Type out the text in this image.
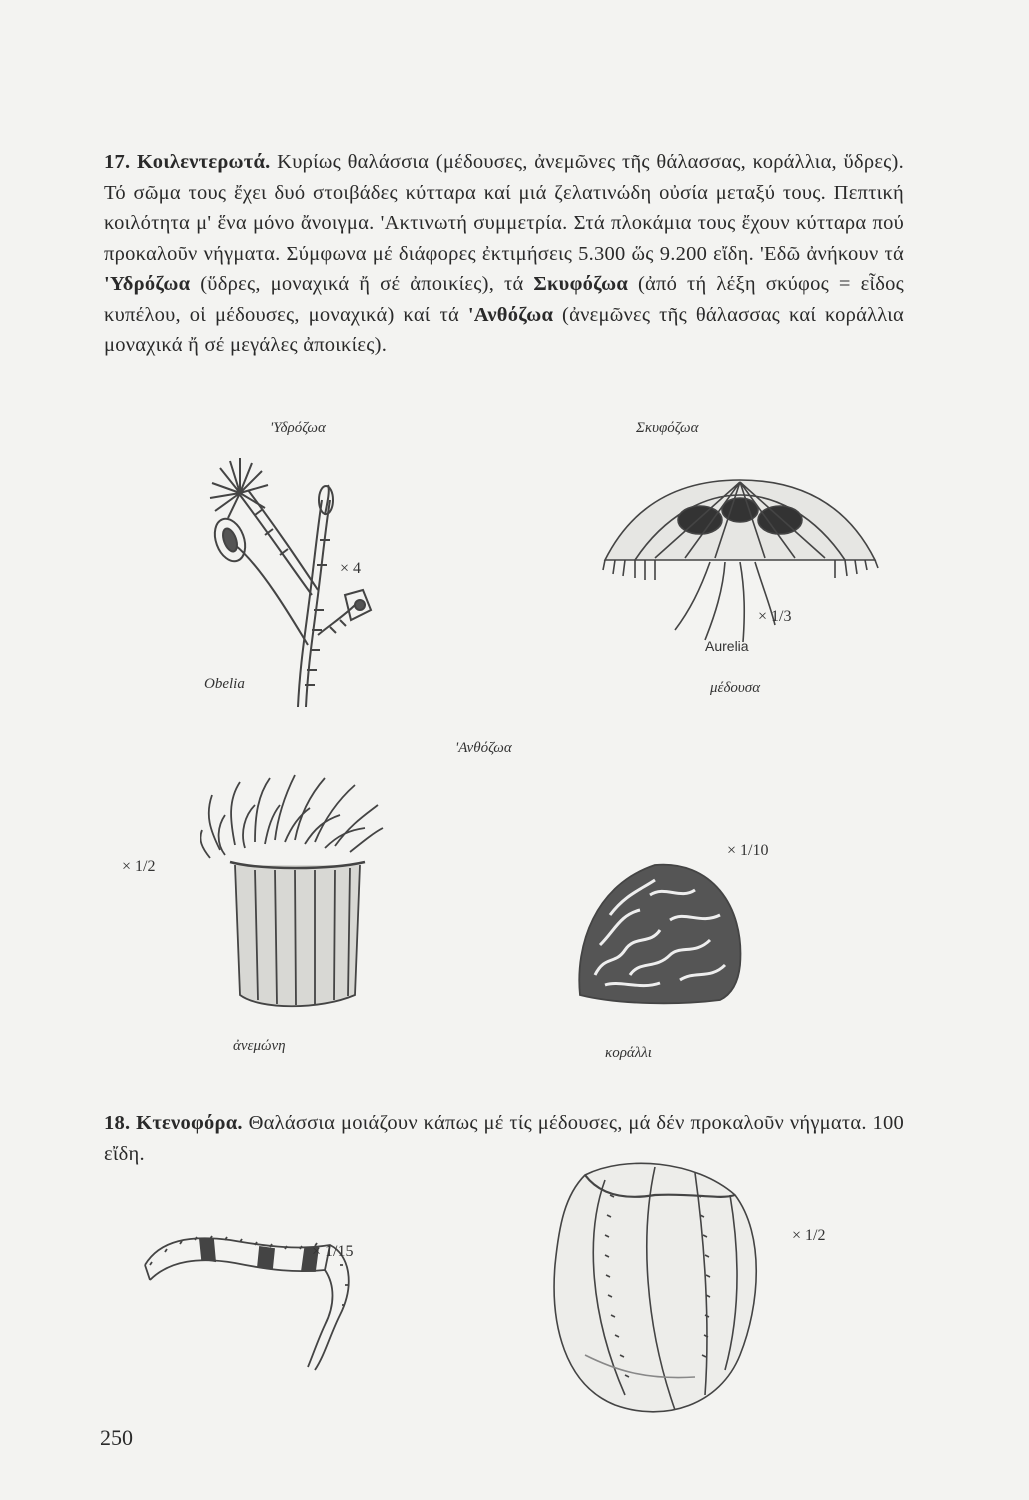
17. Κοιλεντερωτά. Κυρίως θαλάσσια (μέδουσες, ἀνεμῶνες τῆς θάλασσας, κοράλλια, ὕδρες). Τό σῶμα τους ἔχει δυό στοιβάδες κύτταρα καί μιά ζελατινώδη οὐσία μεταξύ τους. Πεπτική κοιλότητα μ' ἕνα μόνο ἄνοιγμα. 'Ακτινωτή συμμετρία. Στά πλοκάμια τους ἔχουν κύτταρα πού προκαλοῦν νήγματα. Σύμφωνα μέ διάφορες ἐκτιμήσεις 5.300 ὥς 9.200 εἴδη. 'Εδῶ ἀνήκουν τά 'Υδρόζωα (ὕδρες, μοναχικά ἤ σέ ἀποικίες), τά Σκυφόζωα (ἀπό τή λέξη σκύφος = εἶδος κυπέλου, οἱ μέδουσες, μοναχικά) καί τά 'Ανθόζωα (ἀνεμῶνες τῆς θάλασσας καί κοράλλια μοναχικά ἤ σέ μεγάλες ἀποικίες).
'Υδρόζωα	Σκυφόζωα
× 4
Obelia
× 1/3
Aurelia
μέδουσα
'Ανθόζωα
× 1/2
ἀνεμώνη
× 1/10
κοράλλι
18. Κτενοφόρα. Θαλάσσια μοιάζουν κάπως μέ τίς μέδουσες, μά δέν προκαλοῦν νήγματα. 100 εἴδη.
× 1/15
× 1/2
250
